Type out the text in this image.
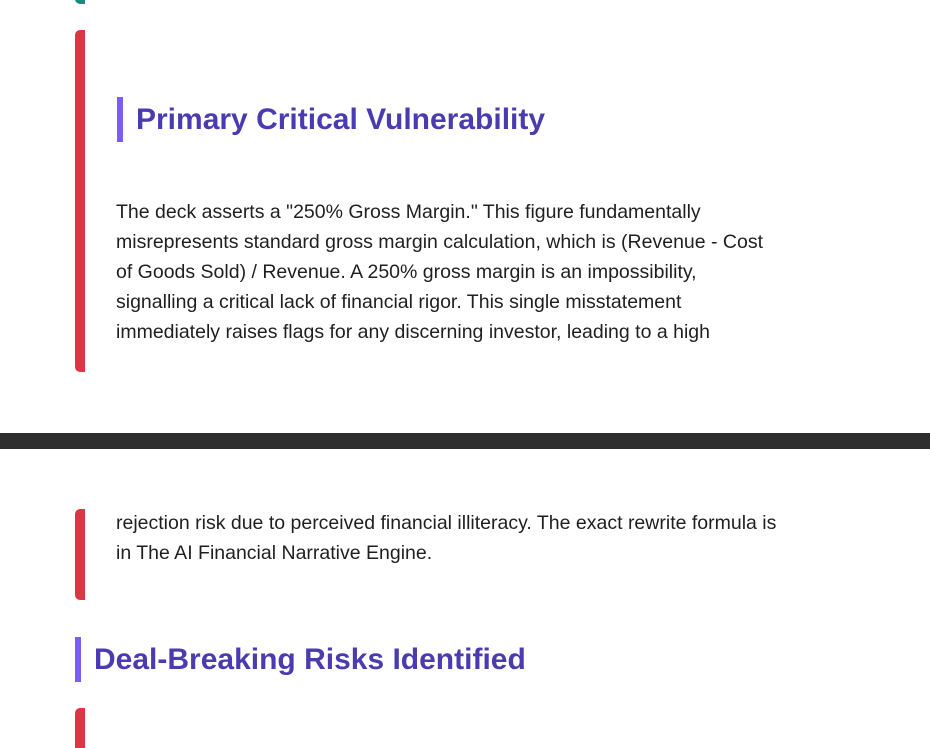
Primary Critical Vulnerability

The deck asserts a "250% Gross Margin." This figure fundamentally

misrepresents standard gross margin calculation, which is (Revenue - Cost

of Goods Sold) / Revenue. A 250% gross margin is an impossibility,

signalling a critical lack of financial rigor. This single misstatement

immediately raises flags for any discerning investor, leading to a high

rejection risk due to perceived financial illiteracy. The exact rewrite formula is

in The AI Financial Narrative Engine.

Deal-Breaking Risks Identified
